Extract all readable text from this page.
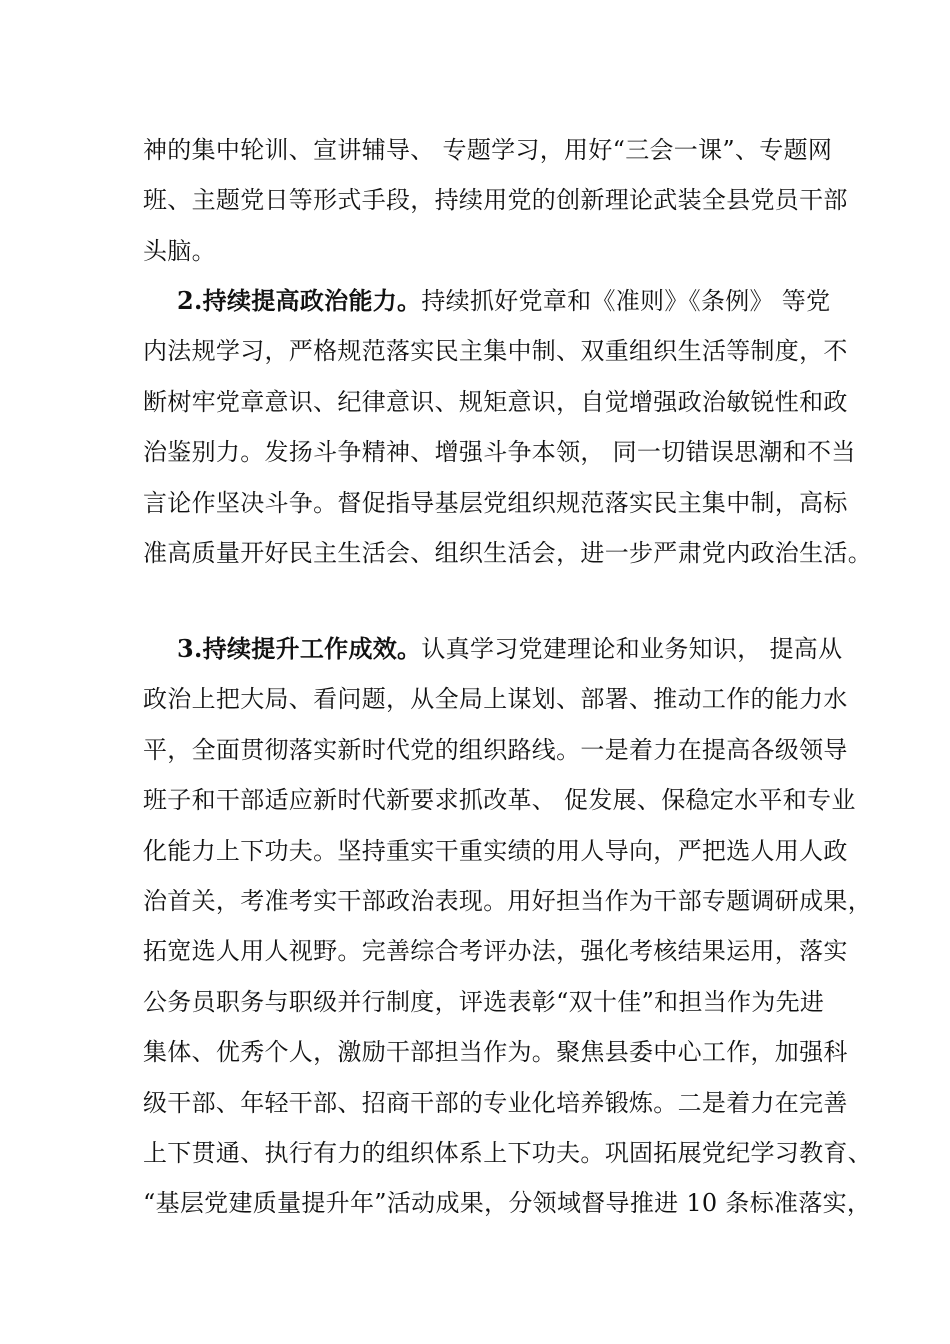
神的集中轮训、宣讲辅导、 专题学习，用好“三会一课”、专题网
班、主题党日等形式手段，持续用党的创新理论武装全县党员干部
头脑。
2.持续提高政治能力。持续抓好党章和《准则》《条例》 等党
内法规学习，严格规范落实民主集中制、双重组织生活等制度，不
断树牢党章意识、纪律意识、规矩意识，自觉增强政治敏锐性和政
治鉴别力。发扬斗争精神、增强斗争本领， 同一切错误思潮和不当
言论作坚决斗争。督促指导基层党组织规范落实民主集中制，高标
准高质量开好民主生活会、组织生活会，进一步严肃党内政治生活。
3.持续提升工作成效。认真学习党建理论和业务知识， 提高从
政治上把大局、看问题，从全局上谋划、部署、推动工作的能力水
平，全面贯彻落实新时代党的组织路线。一是着力在提高各级领导
班子和干部适应新时代新要求抓改革、 促发展、保稳定水平和专业
化能力上下功夫。坚持重实干重实绩的用人导向，严把选人用人政
治首关，考准考实干部政治表现。用好担当作为干部专题调研成果，
拓宽选人用人视野。完善综合考评办法，强化考核结果运用，落实
公务员职务与职级并行制度，评选表彰“双十佳”和担当作为先进
集体、优秀个人，激励干部担当作为。聚焦县委中心工作，加强科
级干部、年轻干部、招商干部的专业化培养锻炼。二是着力在完善
上下贯通、执行有力的组织体系上下功夫。巩固拓展党纪学习教育、
“基层党建质量提升年”活动成果，分领域督导推进 10 条标准落实，
